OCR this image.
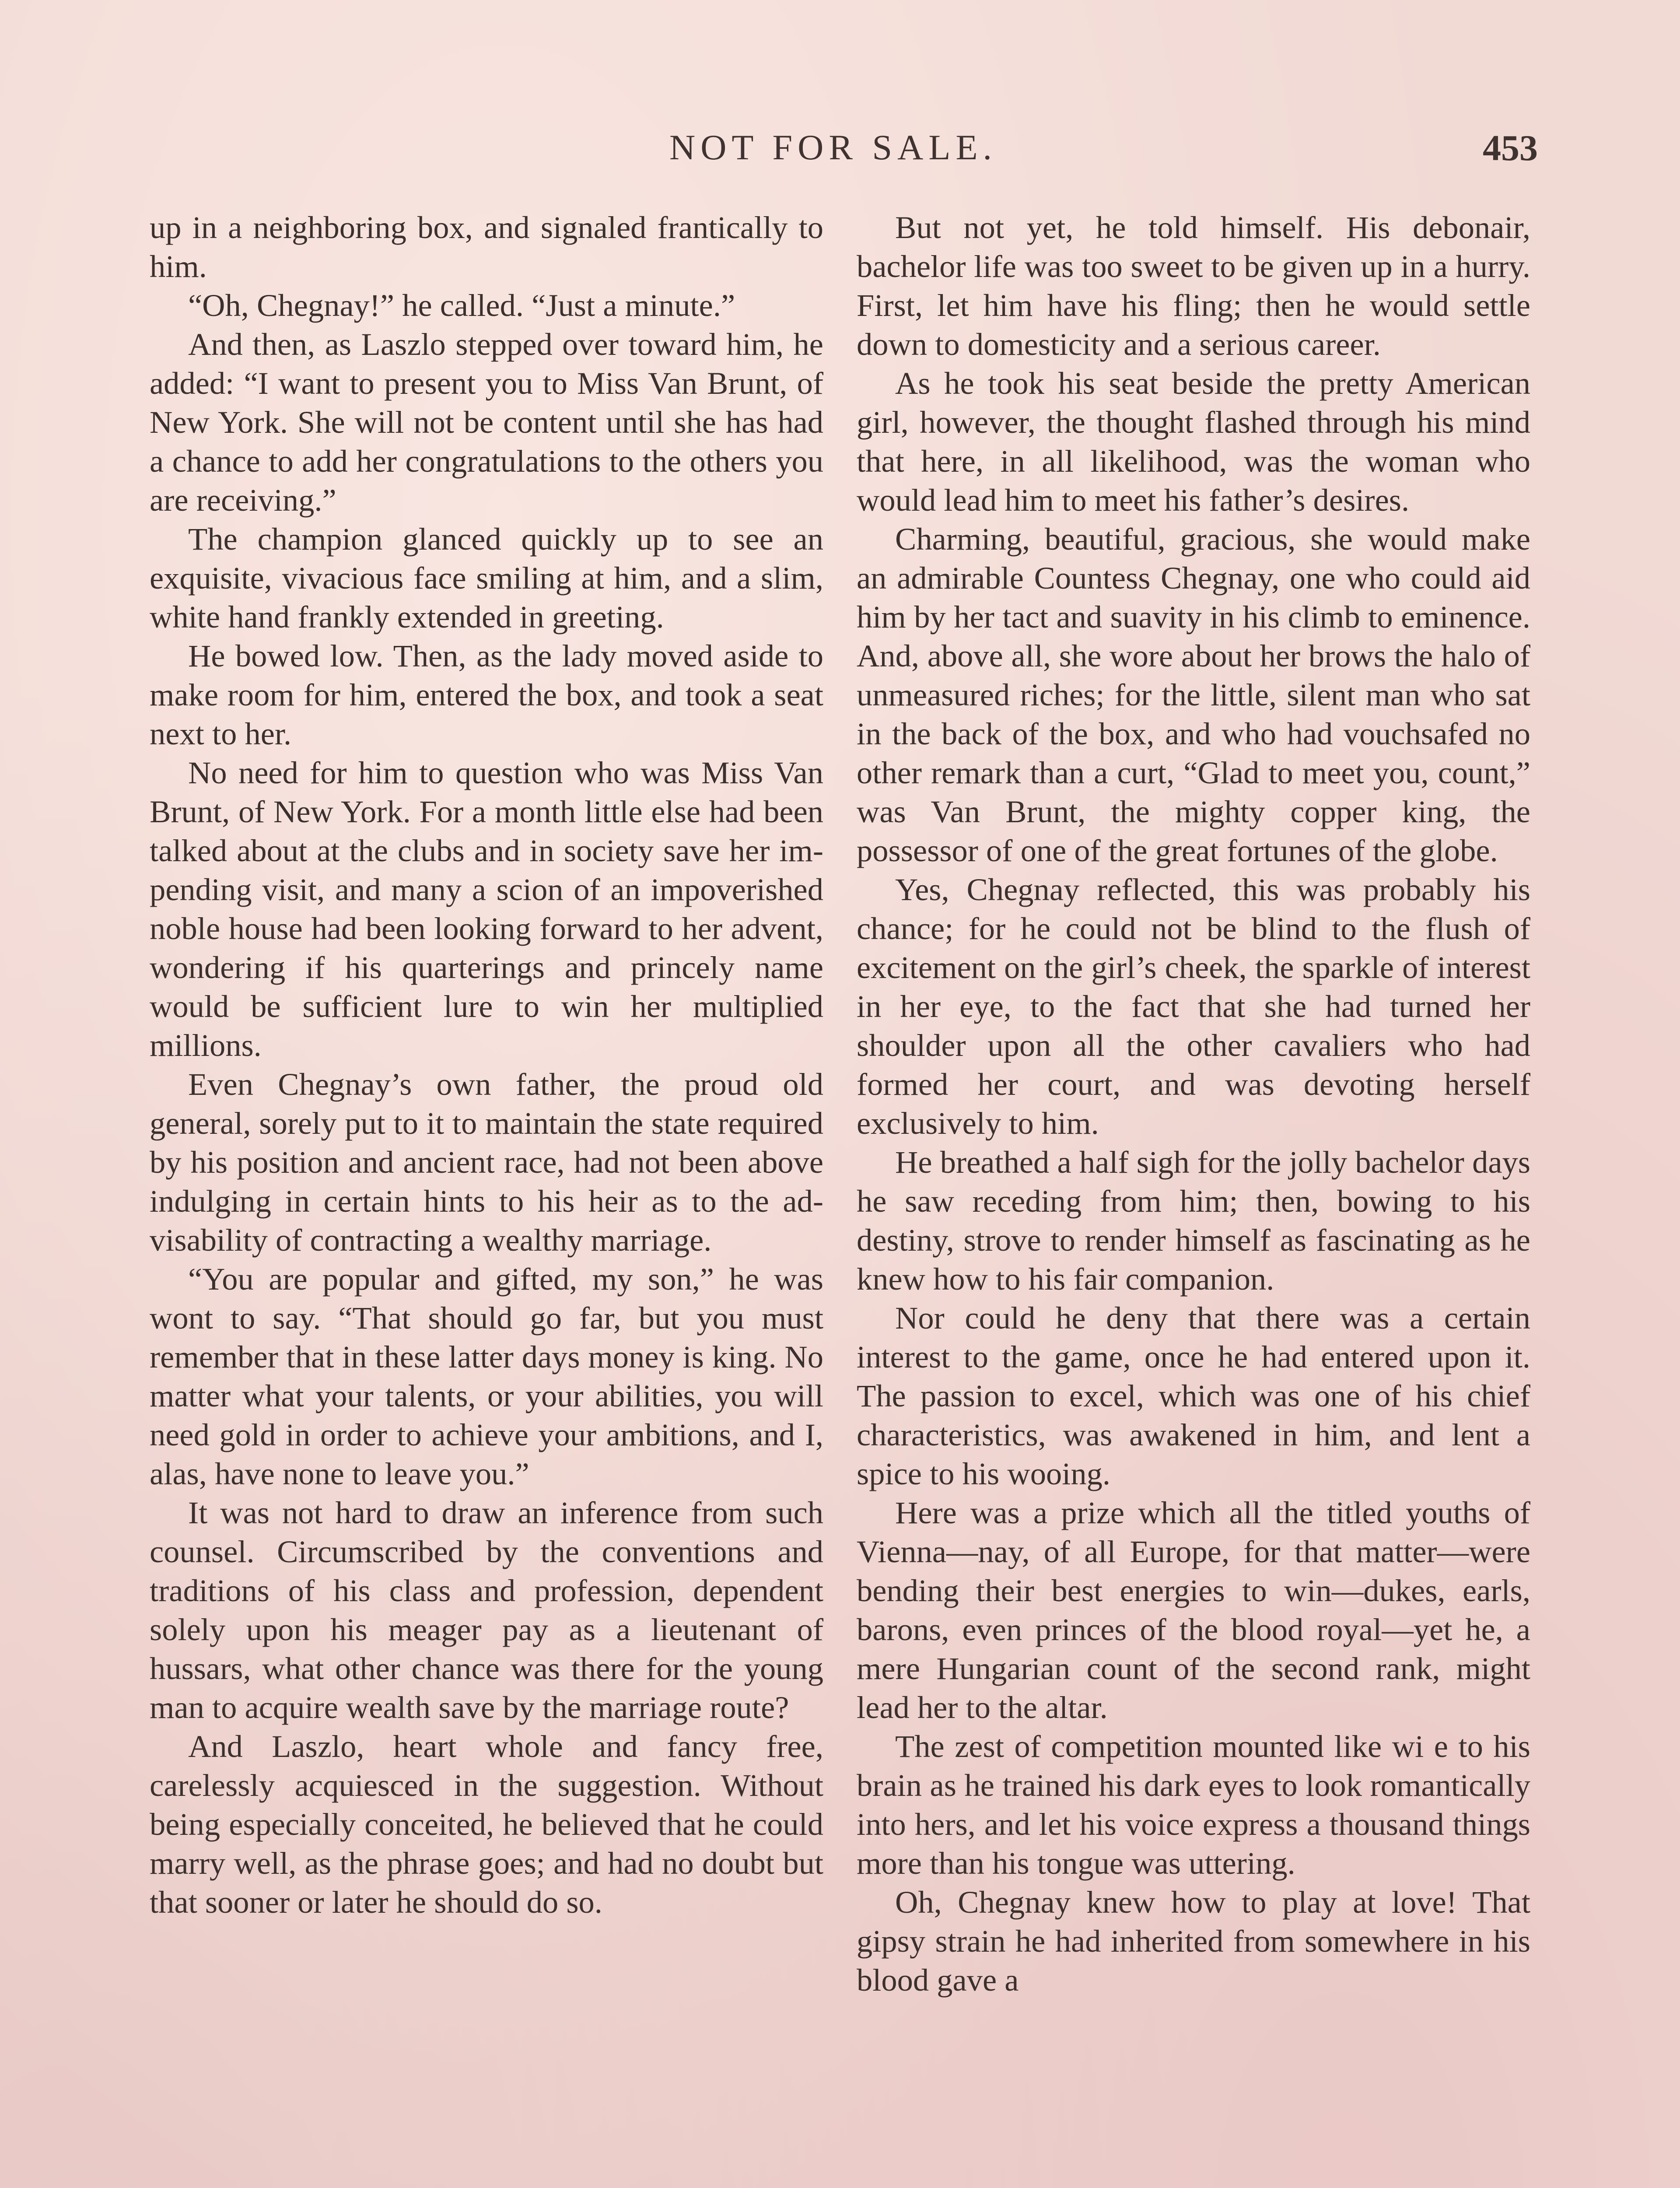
NOT FOR SALE.	453

up in a neighboring box, and signaled frantically to him.

“Oh, Chegnay!” he called. “Just a minute.”

And then, as Laszlo stepped over toward him, he added: “I want to present you to Miss Van Brunt, of New York. She will not be content until she has had a chance to add her congratulations to the others you are receiving.”

The champion glanced quickly up to see an exquisite, vivacious face smiling at him, and a slim, white hand frankly extended in greeting.

He bowed low. Then, as the lady moved aside to make room for him, entered the box, and took a seat next to her.

No need for him to question who was Miss Van Brunt, of New York. For a month little else had been talked about at the clubs and in society save her impending visit, and many a scion of an impoverished noble house had been looking forward to her advent, wondering if his quarterings and princely name would be sufficient lure to win her multiplied millions.

Even Chegnay’s own father, the proud old general, sorely put to it to maintain the state required by his position and ancient race, had not been above indulging in certain hints to his heir as to the advisability of contracting a wealthy marriage.

“You are popular and gifted, my son,” he was wont to say. “That should go far, but you must remember that in these latter days money is king. No matter what your talents, or your abilities, you will need gold in order to achieve your ambitions, and I, alas, have none to leave you.”

It was not hard to draw an inference from such counsel. Circumscribed by the conventions and traditions of his class and profession, dependent solely upon his meager pay as a lieutenant of hussars, what other chance was there for the young man to acquire wealth save by the marriage route?

And Laszlo, heart whole and fancy free, carelessly acquiesced in the suggestion. Without being especially conceited, he believed that he could marry well, as the phrase goes; and had no doubt but that sooner or later he should do so.

But not yet, he told himself. His debonair, bachelor life was too sweet to be given up in a hurry. First, let him have his fling; then he would settle down to domesticity and a serious career.

As he took his seat beside the pretty American girl, however, the thought flashed through his mind that here, in all likelihood, was the woman who would lead him to meet his father’s desires.

Charming, beautiful, gracious, she would make an admirable Countess Chegnay, one who could aid him by her tact and suavity in his climb to eminence. And, above all, she wore about her brows the halo of unmeasured riches; for the little, silent man who sat in the back of the box, and who had vouchsafed no other remark than a curt, “Glad to meet you, count,” was Van Brunt, the mighty copper king, the possessor of one of the great fortunes of the globe.

Yes, Chegnay reflected, this was probably his chance; for he could not be blind to the flush of excitement on the girl’s cheek, the sparkle of interest in her eye, to the fact that she had turned her shoulder upon all the other cavaliers who had formed her court, and was devoting herself exclusively to him.

He breathed a half sigh for the jolly bachelor days he saw receding from him; then, bowing to his destiny, strove to render himself as fascinating as he knew how to his fair companion.

Nor could he deny that there was a certain interest to the game, once he had entered upon it. The passion to excel, which was one of his chief characteristics, was awakened in him, and lent a spice to his wooing.

Here was a prize which all the titled youths of Vienna—nay, of all Europe, for that matter—were bending their best energies to win—dukes, earls, barons, even princes of the blood royal—yet he, a mere Hungarian count of the second rank, might lead her to the altar.

The zest of competition mounted like wi e to his brain as he trained his dark eyes to look romantically into hers, and let his voice express a thousand things more than his tongue was uttering.

Oh, Chegnay knew how to play at love! That gipsy strain he had inherited from somewhere in his blood gave a
